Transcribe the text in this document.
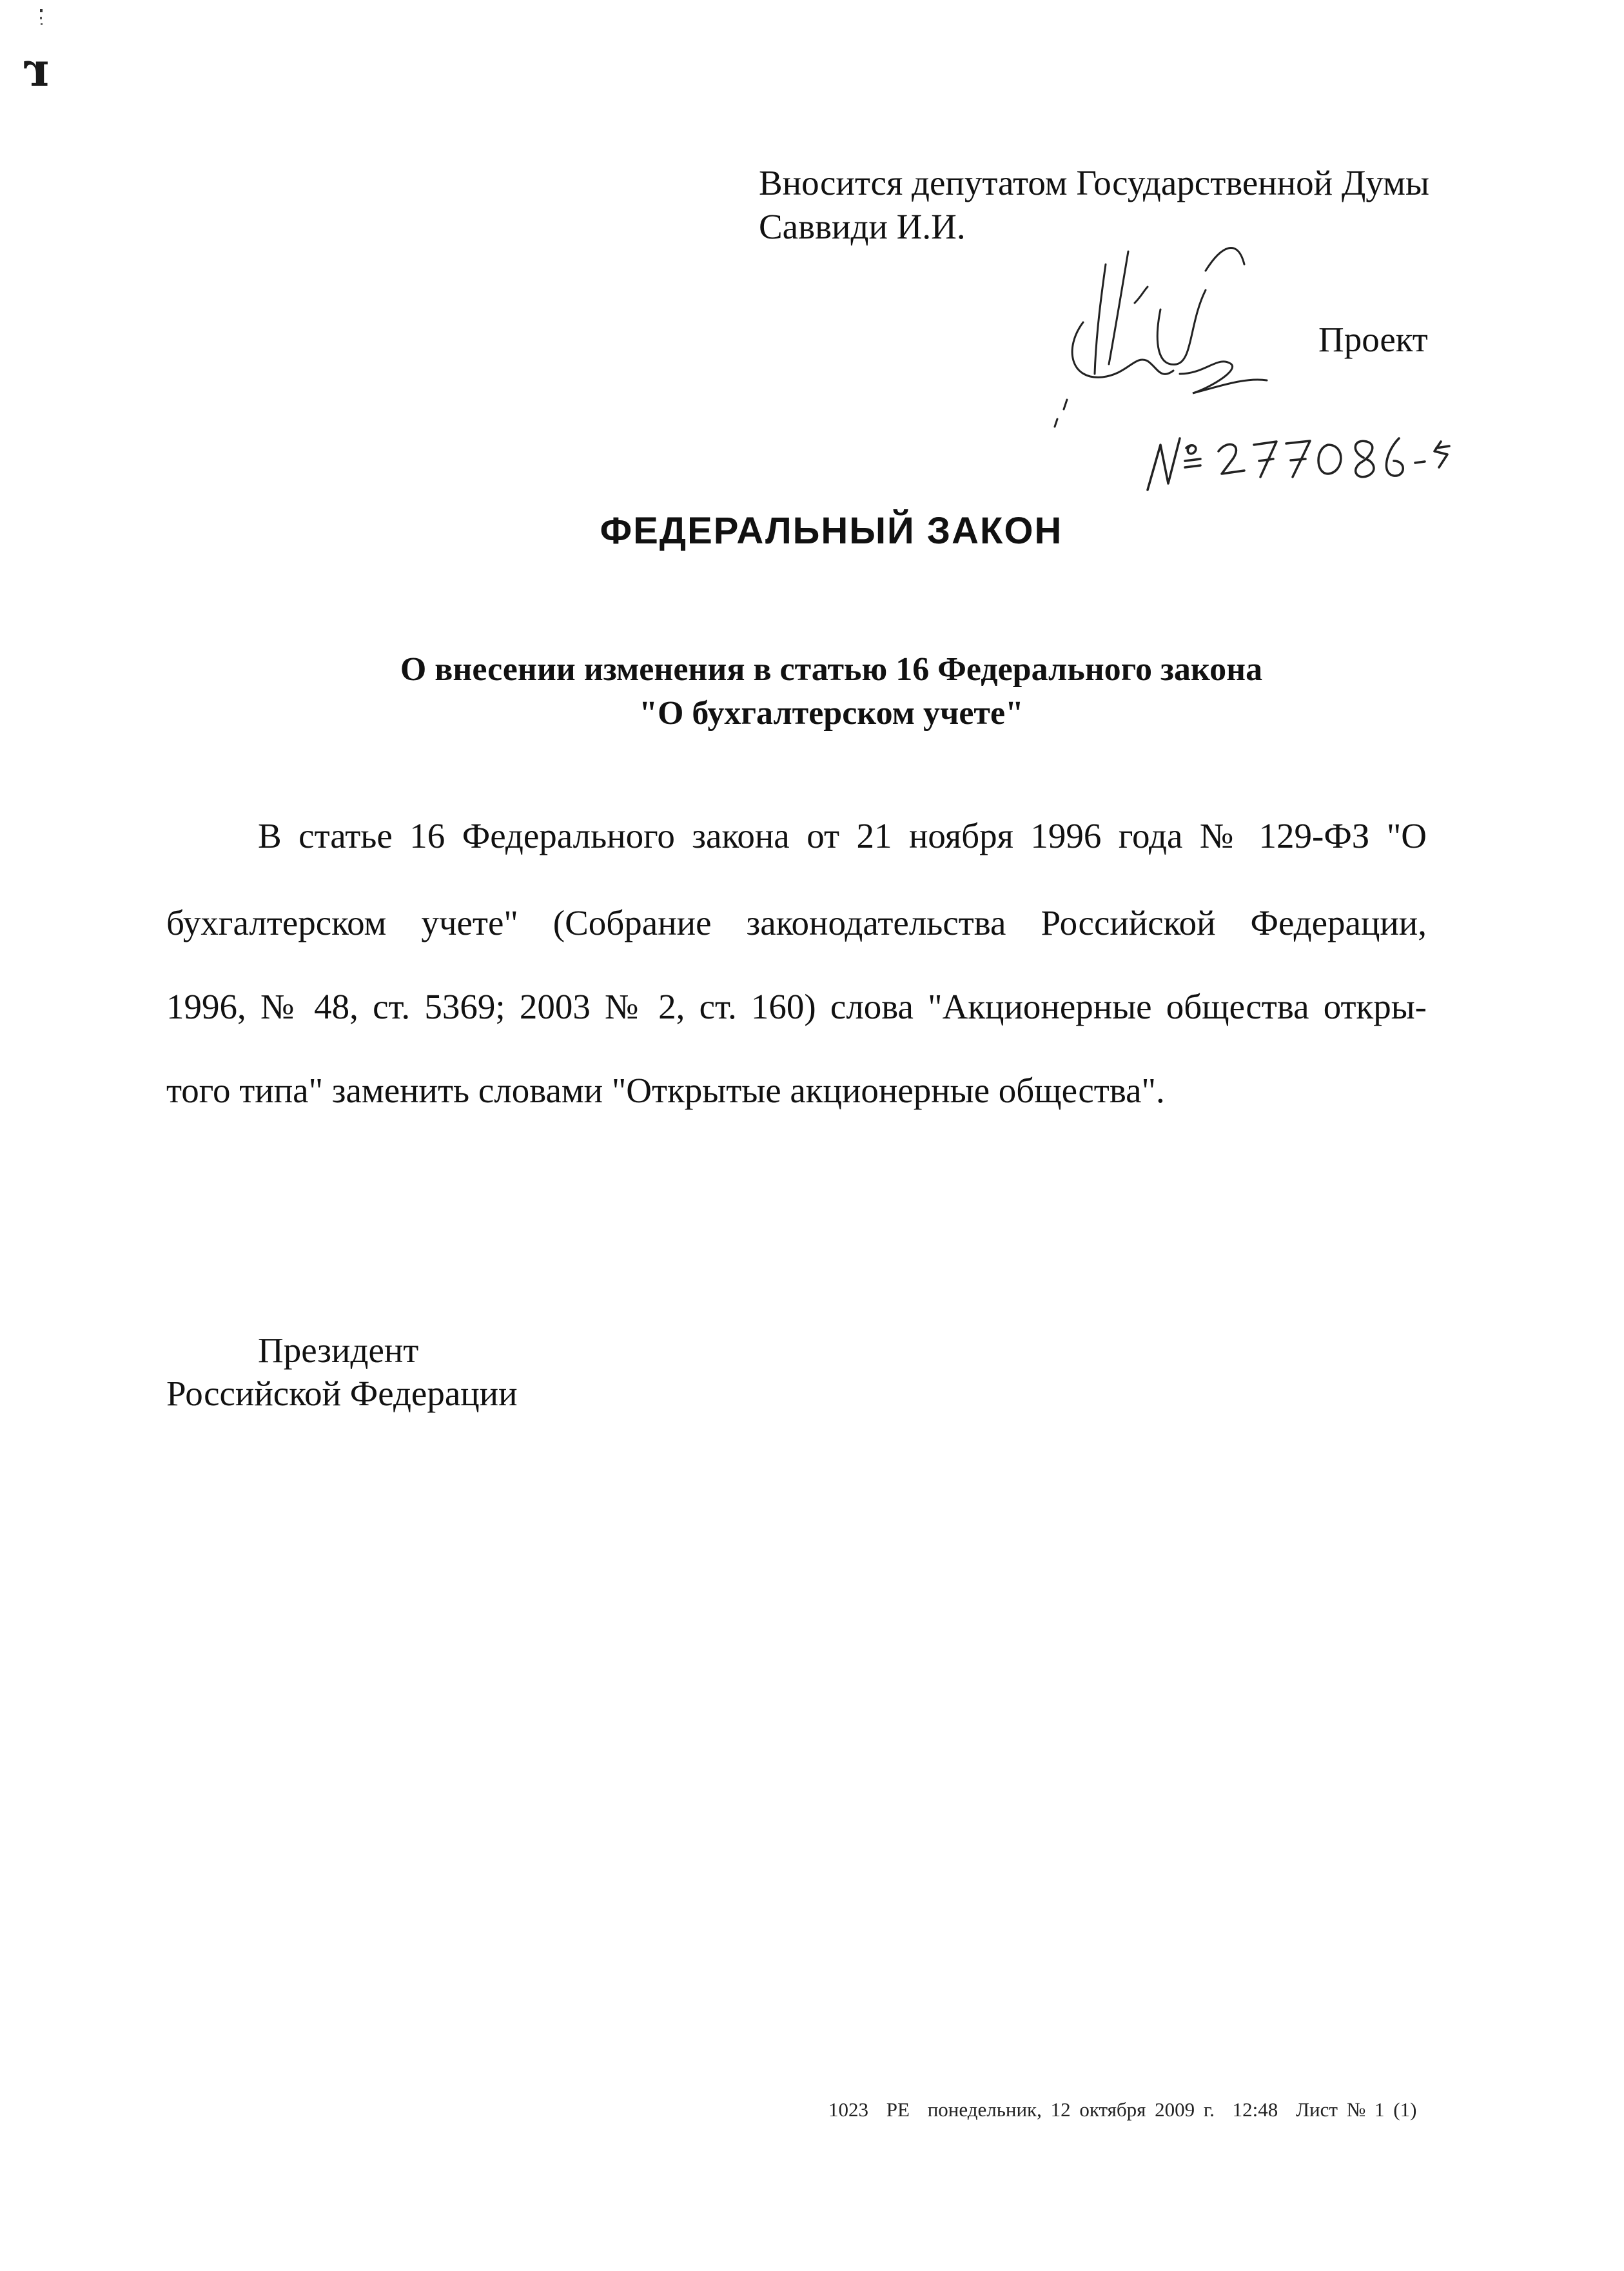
r
Вносится депутатом Государственной Думы
Саввиди И.И.
Проект
ФЕДЕРАЛЬНЫЙ ЗАКОН
О внесении изменения в статью 16 Федерального закона
"О бухгалтерском учете"
В статье 16 Федерального закона от 21 ноября 1996 года № 129-ФЗ "О
бухгалтерском учете" (Собрание законодательства Российской Федерации,
1996, № 48, ст. 5369; 2003 № 2, ст. 160) слова "Акционерные общества откры-
того типа" заменить словами "Открытые акционерные общества".
Президент
Российской Федерации
1023 РЕ понедельник, 12 октября 2009 г. 12:48 Лист № 1 (1)
